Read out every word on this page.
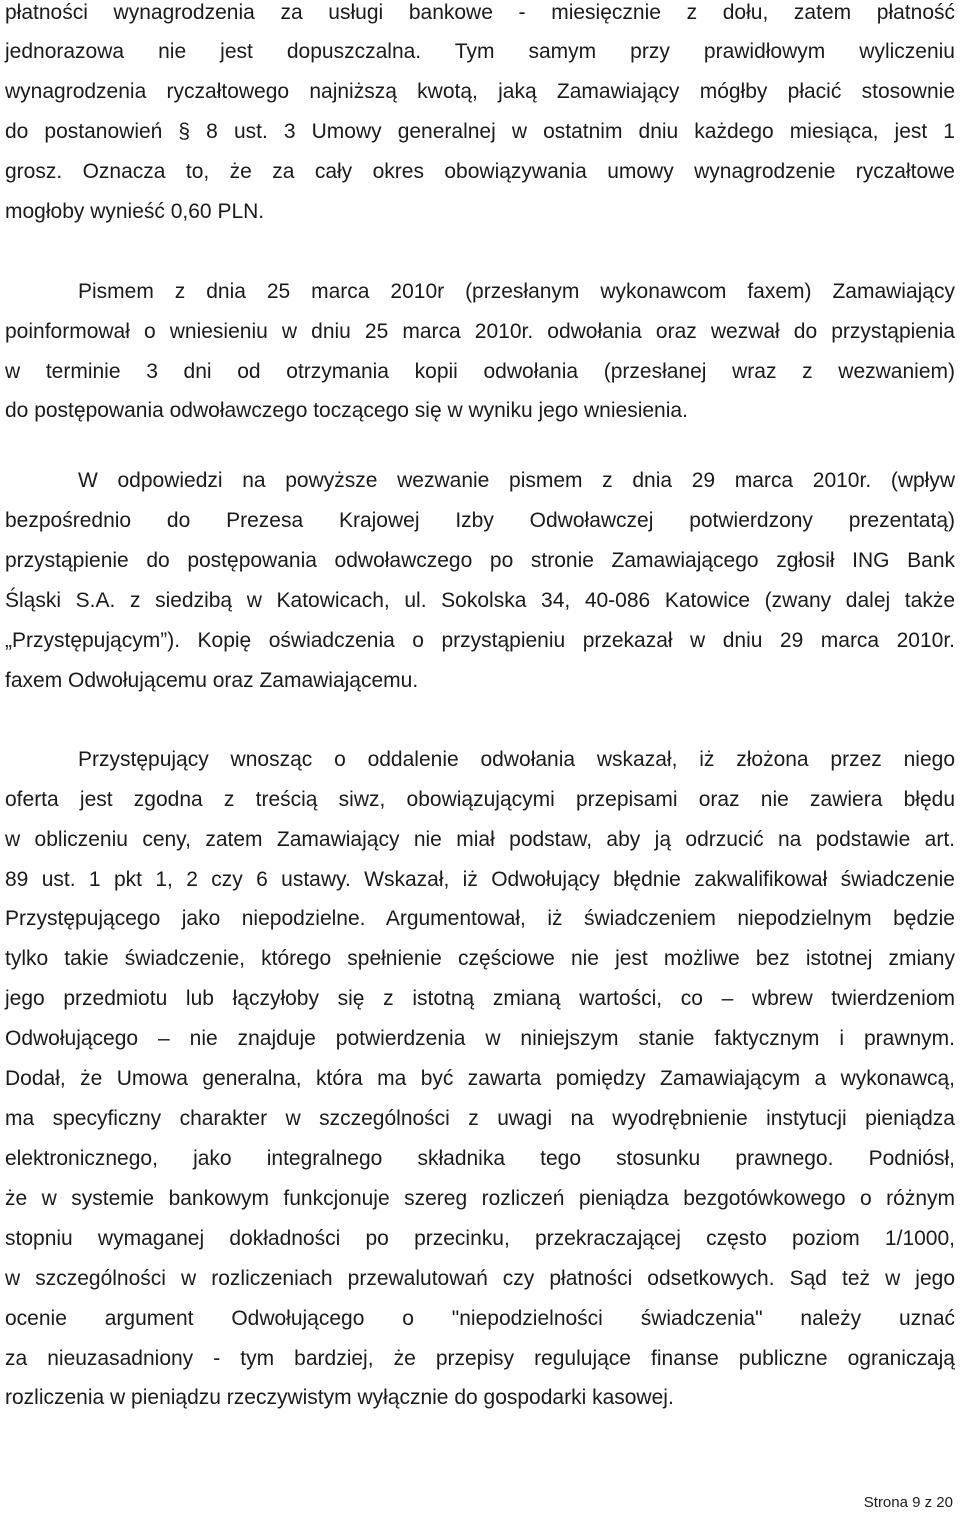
płatności wynagrodzenia za usługi bankowe - miesięcznie z dołu, zatem płatność
jednorazowa nie jest dopuszczalna. Tym samym przy prawidłowym wyliczeniu
wynagrodzenia ryczałtowego najniższą kwotą, jaką Zamawiający mógłby płacić stosownie
do postanowień § 8 ust. 3 Umowy generalnej w ostatnim dniu każdego miesiąca, jest 1
grosz. Oznacza to, że za cały okres obowiązywania umowy wynagrodzenie ryczałtowe
mogłoby wynieść 0,60 PLN.
Pismem z dnia 25 marca 2010r (przesłanym wykonawcom faxem) Zamawiający
poinformował o wniesieniu w dniu 25 marca 2010r. odwołania oraz wezwał do przystąpienia
w terminie 3 dni od otrzymania kopii odwołania (przesłanej wraz z wezwaniem)
do postępowania odwoławczego toczącego się w wyniku jego wniesienia.
W odpowiedzi na powyższe wezwanie pismem z dnia 29 marca 2010r. (wpływ
bezpośrednio do Prezesa Krajowej Izby Odwoławczej potwierdzony prezentatą)
przystąpienie do postępowania odwoławczego po stronie Zamawiającego zgłosił ING Bank
Śląski S.A. z siedzibą w Katowicach, ul. Sokolska 34, 40-086 Katowice (zwany dalej także
„Przystępującym”). Kopię oświadczenia o przystąpieniu przekazał w dniu 29 marca 2010r.
faxem Odwołującemu oraz Zamawiającemu.
Przystępujący wnosząc o oddalenie odwołania wskazał, iż złożona przez niego
oferta jest zgodna z treścią siwz, obowiązującymi przepisami oraz nie zawiera błędu
w obliczeniu ceny, zatem Zamawiający nie miał podstaw, aby ją odrzucić na podstawie art.
89 ust. 1 pkt 1, 2 czy 6 ustawy. Wskazał, iż Odwołujący błędnie zakwalifikował świadczenie
Przystępującego jako niepodzielne. Argumentował, iż świadczeniem niepodzielnym będzie
tylko takie świadczenie, którego spełnienie częściowe nie jest możliwe bez istotnej zmiany
jego przedmiotu lub łączyłoby się z istotną zmianą wartości, co – wbrew twierdzeniom
Odwołującego – nie znajduje potwierdzenia w niniejszym stanie faktycznym i prawnym.
Dodał, że Umowa generalna, która ma być zawarta pomiędzy Zamawiającym a wykonawcą,
ma specyficzny charakter w szczególności z uwagi na wyodrębnienie instytucji pieniądza
elektronicznego, jako integralnego składnika tego stosunku prawnego. Podniósł,
że w systemie bankowym funkcjonuje szereg rozliczeń pieniądza bezgotówkowego o różnym
stopniu wymaganej dokładności po przecinku, przekraczającej często poziom 1/1000,
w szczególności w rozliczeniach przewalutowań czy płatności odsetkowych. Sąd też w jego
ocenie argument Odwołującego o "niepodzielności świadczenia" należy uznać
za nieuzasadniony - tym bardziej, że przepisy regulujące finanse publiczne ograniczają
rozliczenia w pieniądzu rzeczywistym wyłącznie do gospodarki kasowej.
Strona 9 z 20
